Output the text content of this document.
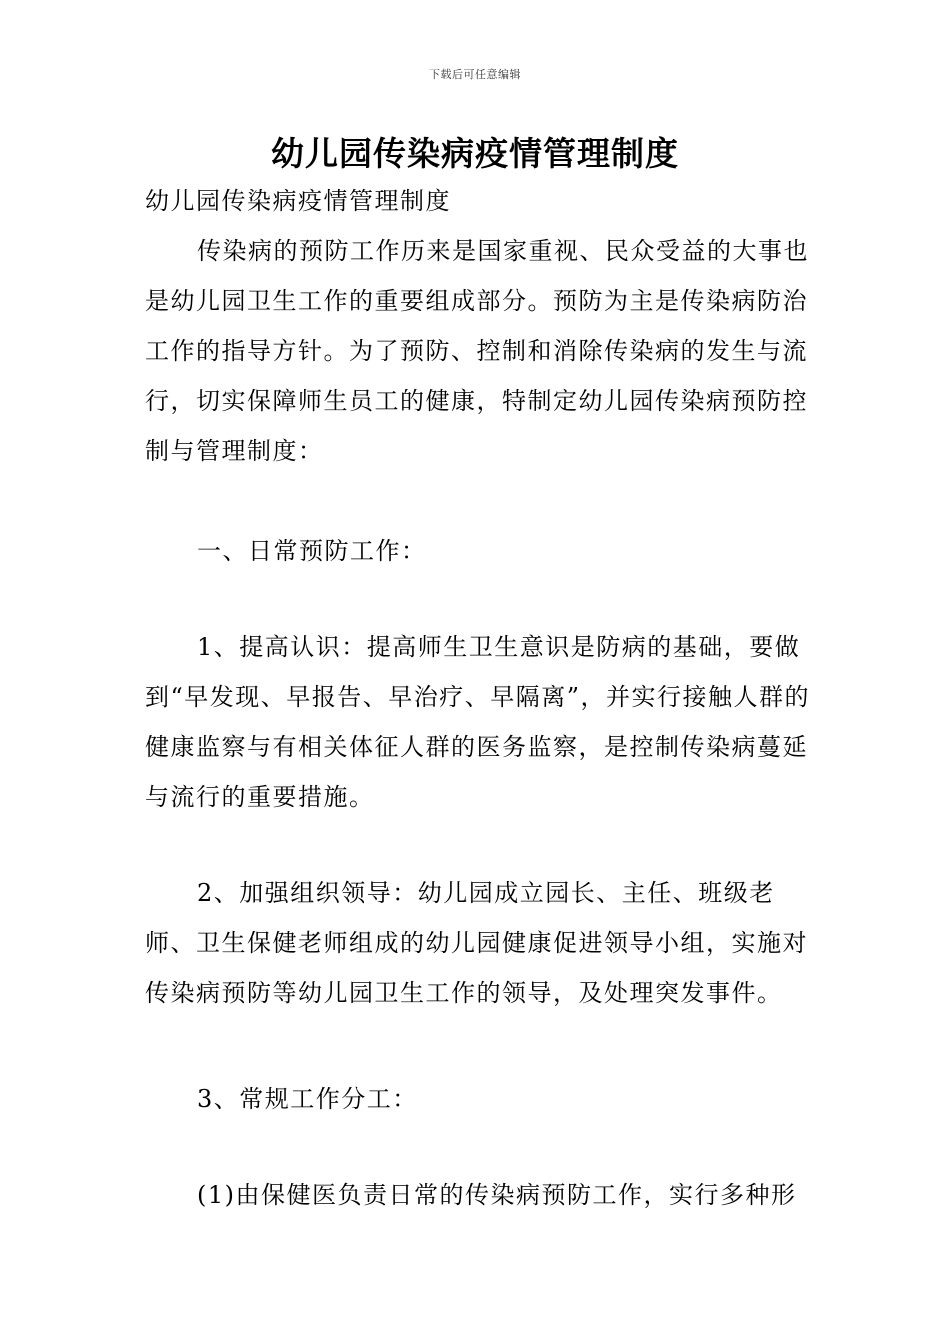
下载后可任意编辑
幼儿园传染病疫情管理制度
幼儿园传染病疫情管理制度
传染病的预防工作历来是国家重视、民众受益的大事也是幼儿园卫生工作的重要组成部分。预防为主是传染病防治工作的指导方针。为了预防、控制和消除传染病的发生与流行，切实保障师生员工的健康，特制定幼儿园传染病预防控制与管理制度：
一、日常预防工作：
1、提高认识：提高师生卫生意识是防病的基础，要做到“早发现、早报告、早治疗、早隔离”，并实行接触人群的健康监察与有相关体征人群的医务监察，是控制传染病蔓延与流行的重要措施。
2、加强组织领导：幼儿园成立园长、主任、班级老师、卫生保健老师组成的幼儿园健康促进领导小组，实施对传染病预防等幼儿园卫生工作的领导，及处理突发事件。
3、常规工作分工：
(1)由保健医负责日常的传染病预防工作，实行多种形
